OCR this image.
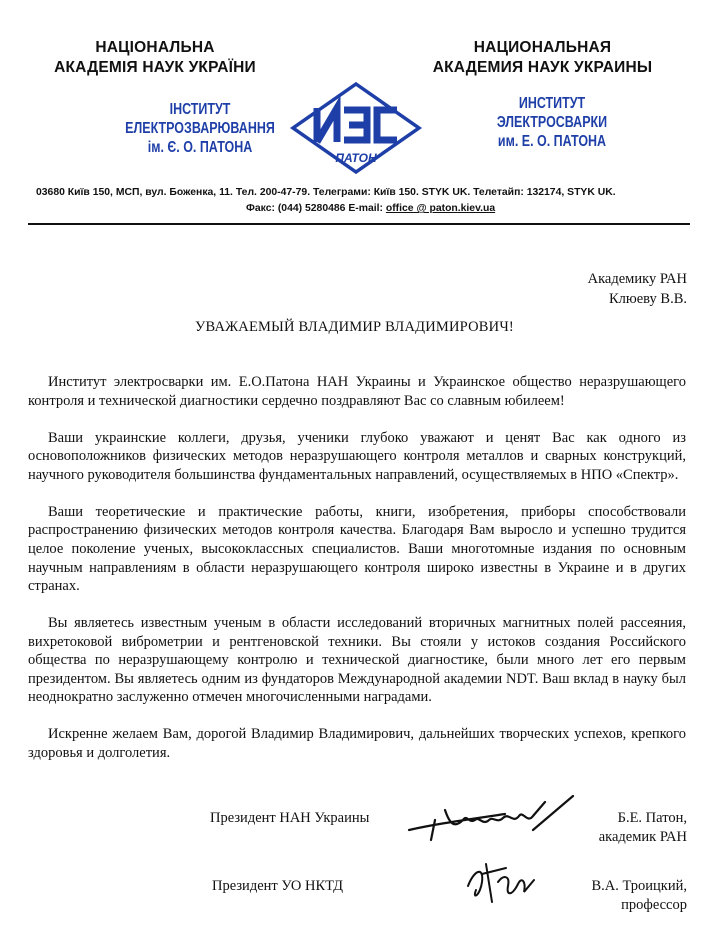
НАЦІОНАЛЬНА
АКАДЕМІЯ НАУК УКРАЇНИ
НАЦИОНАЛЬНАЯ
АКАДЕМИЯ НАУК УКРАИНЫ
ІНСТИТУТ
ЕЛЕКТРОЗВАРЮВАННЯ
ім. Є. О. ПАТОНА
ИНСТИТУТ
ЭЛЕКТРОСВАРКИ
им. Е. О. ПАТОНА
ПАТОН
03680 Київ 150, МСП, вул. Боженка, 11. Тел. 200-47-79. Телеграми: Київ 150. STYK UK. Телетайп: 132174, STYK UK.
Факс: (044) 5280486 E-mail: office @ paton.kiev.ua
Академику РАН
Клюеву В.В.
УВАЖАЕМЫЙ ВЛАДИМИР ВЛАДИМИРОВИЧ!

Институт электросварки им. Е.О.Патона НАН Украины и Украинское общество неразрушающего контроля и технической диагностики сердечно поздравляют Вас со славным юбилеем!

Ваши украинские коллеги, друзья, ученики глубоко уважают и ценят Вас как одного из основоположников физических методов неразрушающего контроля металлов и сварных конструкций, научного руководителя большинства фундаментальных направлений, осуществляемых в НПО «Спектр».

Ваши теоретические и практические работы, книги, изобретения, приборы способствовали распространению физических методов контроля качества. Благодаря Вам выросло и успешно трудится целое поколение ученых, высококлассных специалистов. Ваши многотомные издания по основным научным направлениям в области неразрушающего контроля широко известны в Украине и в других странах.

Вы являетесь известным ученым в области исследований вторичных магнитных полей рассеяния, вихретоковой виброметрии и рентгеновской техники. Вы стояли у истоков создания Российского общества по неразрушающему контролю и технической диагностике, были много лет его первым президентом. Вы являетесь одним из фундаторов Международной академии NDT. Ваш вклад в науку был неоднократно заслуженно отмечен многочисленными наградами.

Искренне желаем Вам, дорогой Владимир Владимирович, дальнейших творческих успехов, крепкого здоровья и долголетия.

Президент НАН Украины	Б.Е. Патон,
академик РАН
Президент УО НКТД	В.А. Троицкий,
профессор
